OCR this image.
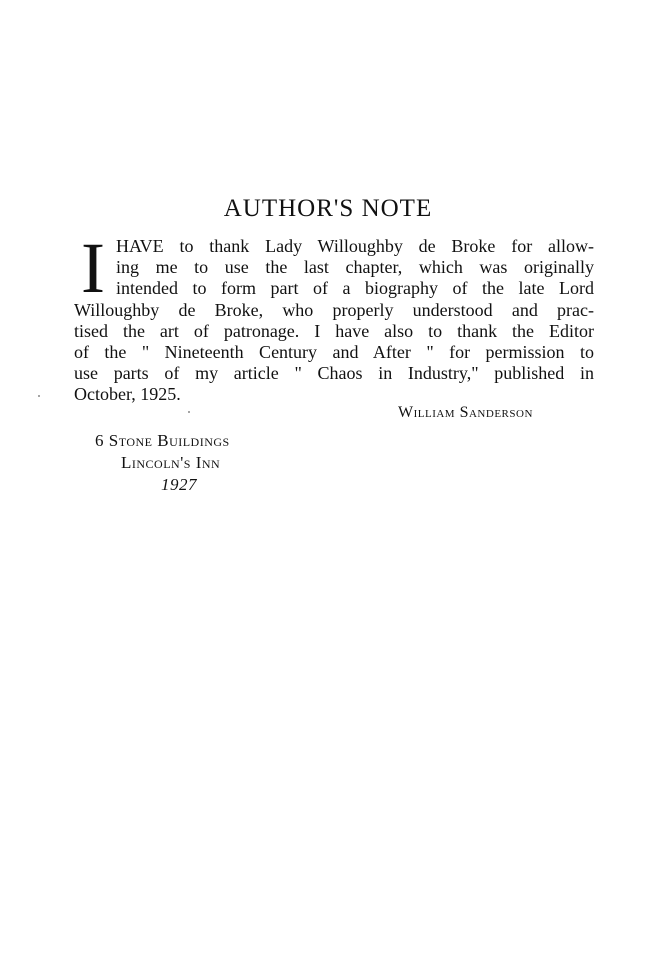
AUTHOR'S NOTE
I HAVE to thank Lady Willoughby de Broke for allow-
ing me to use the last chapter, which was originally
intended to form part of a biography of the late Lord
Willoughby de Broke, who properly understood and prac-
tised the art of patronage. I have also to thank the Editor
of the " Nineteenth Century and After " for permission to
use parts of my article " Chaos in Industry," published in
October, 1925.
William Sanderson
6 Stone Buildings
Lincoln's Inn
1927
